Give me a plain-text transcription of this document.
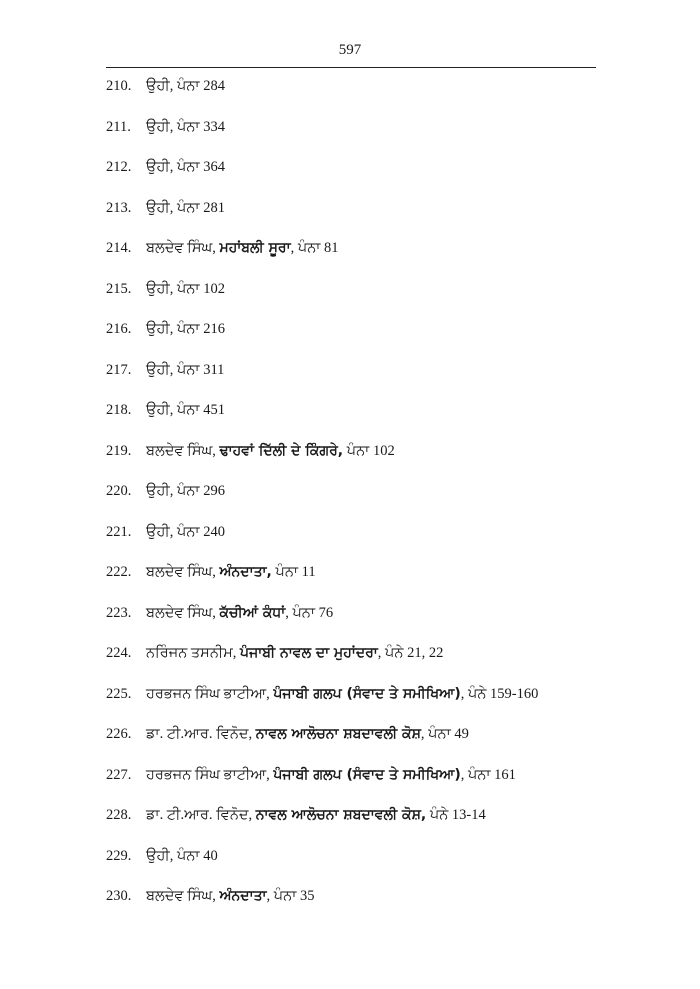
597
210. ਉਹੀ, ਪੰਨਾ 284
211. ਉਹੀ, ਪੰਨਾ 334
212. ਉਹੀ, ਪੰਨਾ 364
213. ਉਹੀ, ਪੰਨਾ 281
214. ਬਲਦੇਵ ਸਿੰਘ, ਮਹਾਂਬਲੀ ਸੂਰਾ, ਪੰਨਾ 81
215. ਉਹੀ, ਪੰਨਾ 102
216. ਉਹੀ, ਪੰਨਾ 216
217. ਉਹੀ, ਪੰਨਾ 311
218. ਉਹੀ, ਪੰਨਾ 451
219. ਬਲਦੇਵ ਸਿੰਘ, ਢਾਹਵਾਂ ਦਿੱਲੀ ਦੇ ਕਿੰਗਰੇ, ਪੰਨਾ 102
220. ਉਹੀ, ਪੰਨਾ 296
221. ਉਹੀ, ਪੰਨਾ 240
222. ਬਲਦੇਵ ਸਿੰਘ, ਅੰਨਦਾਤਾ, ਪੰਨਾ 11
223. ਬਲਦੇਵ ਸਿੰਘ, ਕੱਚੀਆਂ ਕੰਧਾਂ, ਪੰਨਾ 76
224. ਨਰਿੰਜਨ ਤਸਨੀਮ, ਪੰਜਾਬੀ ਨਾਵਲ ਦਾ ਮੁਹਾਂਦਰਾ, ਪੰਨੇ 21, 22
225. ਹਰਭਜਨ ਸਿੰਘ ਭਾਟੀਆ, ਪੰਜਾਬੀ ਗਲਪ (ਸੰਵਾਦ ਤੇ ਸਮੀਖਿਆ), ਪੰਨੇ 159-160
226. ਡਾ. ਟੀ.ਆਰ. ਵਿਨੋਦ, ਨਾਵਲ ਆਲੋਚਨਾ ਸ਼ਬਦਾਵਲੀ ਕੋਸ਼, ਪੰਨਾ 49
227. ਹਰਭਜਨ ਸਿੰਘ ਭਾਟੀਆ, ਪੰਜਾਬੀ ਗਲਪ (ਸੰਵਾਦ ਤੇ ਸਮੀਖਿਆ), ਪੰਨਾ 161
228. ਡਾ. ਟੀ.ਆਰ. ਵਿਨੋਦ, ਨਾਵਲ ਆਲੋਚਨਾ ਸ਼ਬਦਾਵਲੀ ਕੋਸ਼, ਪੰਨੇ 13-14
229. ਉਹੀ, ਪੰਨਾ 40
230. ਬਲਦੇਵ ਸਿੰਘ, ਅੰਨਦਾਤਾ, ਪੰਨਾ 35
